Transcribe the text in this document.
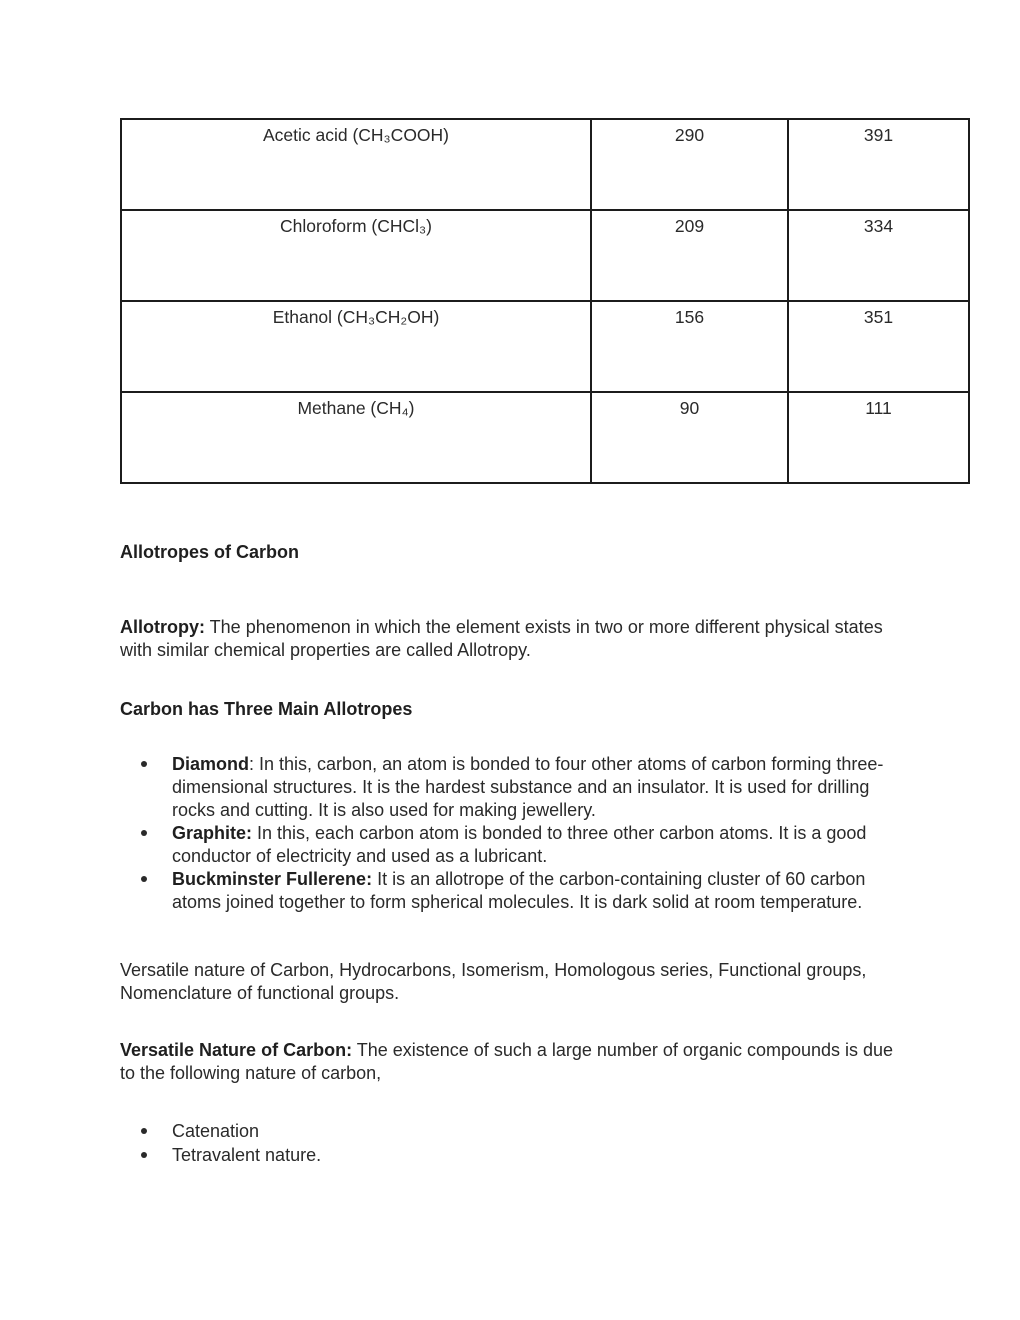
Acetic acid (CH₃COOH)	290	391
Chloroform (CHCl₃)	209	334
Ethanol (CH₃CH₂OH)	156	351
Methane (CH₄)	90	111
Allotropes of Carbon

Allotropy: The phenomenon in which the element exists in two or more different physical states with similar chemical properties are called Allotropy.

Carbon has Three Main Allotropes
Diamond: In this, carbon, an atom is bonded to four other atoms of carbon forming three-dimensional structures. It is the hardest substance and an insulator. It is used for drilling rocks and cutting. It is also used for making jewellery.
Graphite: In this, each carbon atom is bonded to three other carbon atoms. It is a good conductor of electricity and used as a lubricant.
Buckminster Fullerene: It is an allotrope of the carbon-containing cluster of 60 carbon atoms joined together to form spherical molecules. It is dark solid at room temperature.

Versatile nature of Carbon, Hydrocarbons, Isomerism, Homologous series, Functional groups, Nomenclature of functional groups.

Versatile Nature of Carbon: The existence of such a large number of organic compounds is due to the following nature of carbon,

Catenation
Tetravalent nature.
